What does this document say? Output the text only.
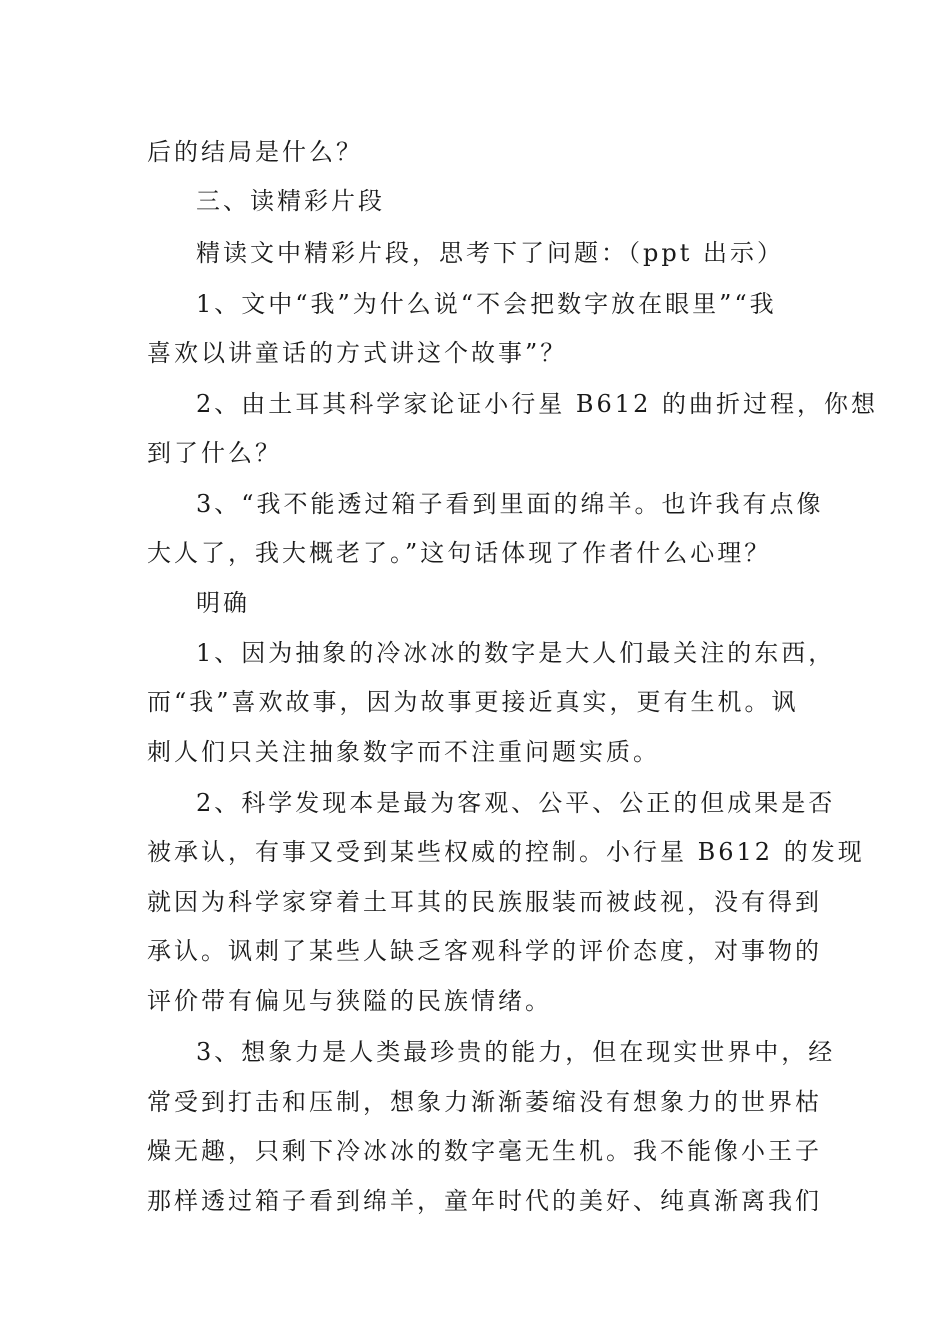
后的结局是什么？
三、读精彩片段
精读文中精彩片段，思考下了问题：（ppt 出示）
1、文中“我”为什么说“不会把数字放在眼里”“我
喜欢以讲童话的方式讲这个故事”？
2、由土耳其科学家论证小行星 B612 的曲折过程，你想
到了什么？
3、“我不能透过箱子看到里面的绵羊。也许我有点像
大人了，我大概老了。”这句话体现了作者什么心理？
明确
1、因为抽象的冷冰冰的数字是大人们最关注的东西，
而“我”喜欢故事，因为故事更接近真实，更有生机。讽
刺人们只关注抽象数字而不注重问题实质。
2、科学发现本是最为客观、公平、公正的但成果是否
被承认，有事又受到某些权威的控制。小行星 B612 的发现
就因为科学家穿着土耳其的民族服装而被歧视，没有得到
承认。讽刺了某些人缺乏客观科学的评价态度，对事物的
评价带有偏见与狭隘的民族情绪。
3、想象力是人类最珍贵的能力，但在现实世界中，经
常受到打击和压制，想象力渐渐萎缩没有想象力的世界枯
燥无趣，只剩下冷冰冰的数字毫无生机。我不能像小王子
那样透过箱子看到绵羊，童年时代的美好、纯真渐离我们
